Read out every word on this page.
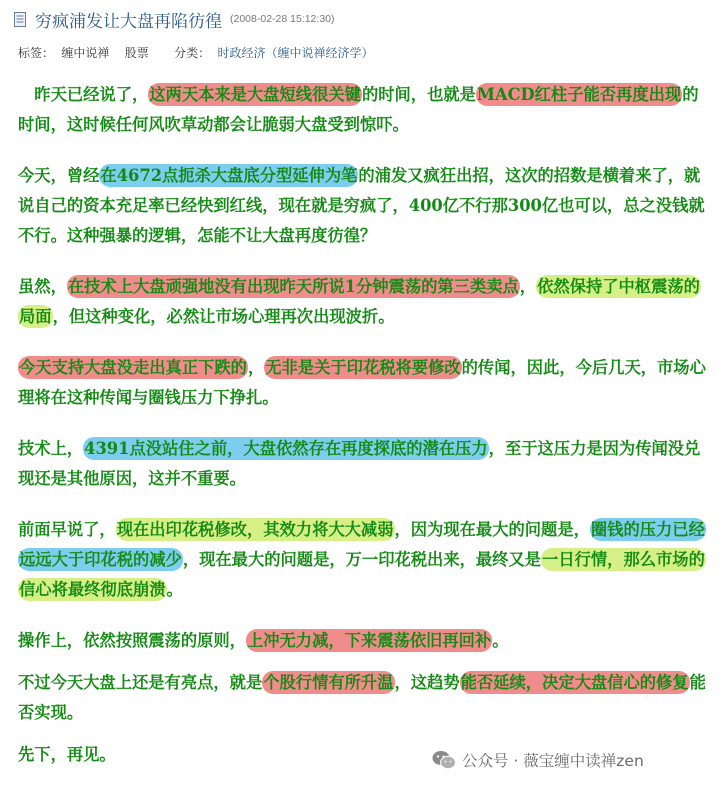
穷疯浦发让大盘再陷彷徨 (2008-02-28 15:12:30)
标签： 缠中说禅 股票 分类： 时政经济（缠中说禅经济学）

　昨天已经说了，这两天本来是大盘短线很关键的时间，也就是MACD红柱子能否再度出现的时间，这时候任何风吹草动都会让脆弱大盘受到惊吓。

今天，曾经在4672点扼杀大盘底分型延伸为笔的浦发又疯狂出招，这次的招数是横着来了，就说自己的资本充足率已经快到红线，现在就是穷疯了，400亿不行那300亿也可以，总之没钱就不行。这种强暴的逻辑，怎能不让大盘再度彷徨？

虽然，在技术上大盘顽强地没有出现昨天所说1分钟震荡的第三类卖点，依然保持了中枢震荡的局面，但这种变化，必然让市场心理再次出现波折。

今天支持大盘没走出真正下跌的，无非是关于印花税将要修改的传闻，因此，今后几天，市场心理将在这种传闻与圈钱压力下挣扎。

技术上，4391点没站住之前，大盘依然存在再度探底的潜在压力，至于这压力是因为传闻没兑现还是其他原因，这并不重要。

前面早说了，现在出印花税修改，其效力将大大减弱，因为现在最大的问题是，圈钱的压力已经远远大于印花税的减少，现在最大的问题是，万一印花税出来，最终又是一日行情，那么市场的信心将最终彻底崩溃。

操作上，依然按照震荡的原则，上冲无力减，下来震荡依旧再回补。

不过今天大盘上还是有亮点，就是个股行情有所升温，这趋势能否延续，决定大盘信心的修复能否实现。

先下，再见。	公众号 · 薇宝缠中读禅zen
